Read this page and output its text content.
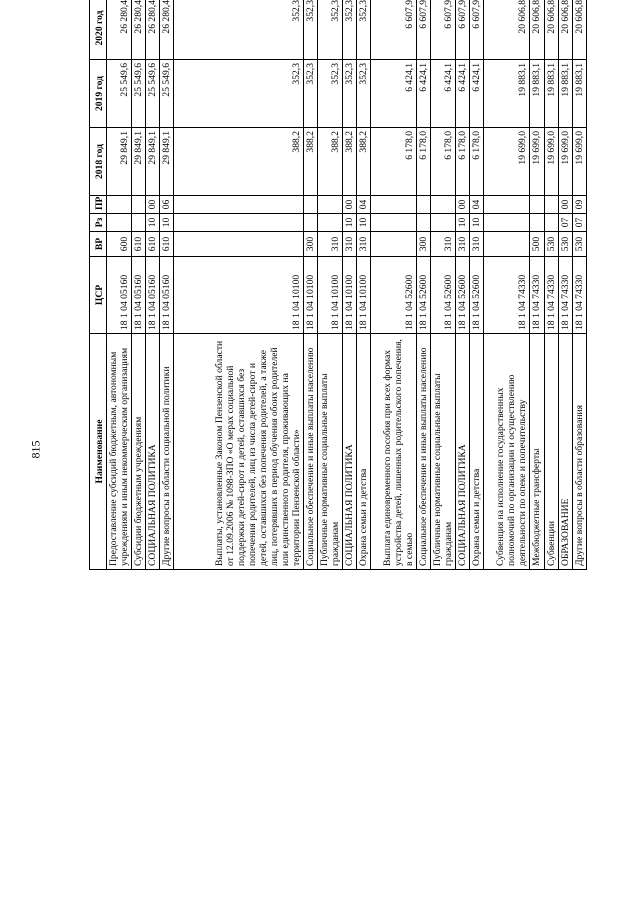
815	Наименование	ЦСР	ВР	Рз	ПР	2018 год	2019 год	2020 год
Предоставление субсидий бюджетным, автономным учреждениям и иным некоммерческим организациям	18 1 04 05160	600			29 849,1	25 549,6	26 280,4
Субсидии бюджетным учреждениям	18 1 04 05160	610			29 849,1	25 549,6	26 280,4
СОЦИАЛЬНАЯ ПОЛИТИКА	18 1 04 05160	610	10	00	29 849,1	25 549,6	26 280,4
Другие вопросы в области социальной политики	18 1 04 05160	610	10	06	29 849,1	25 549,6	26 280,4
Выплаты, установленные Законом Пензенской области от 12.09.2006 № 1098-ЗПО «О мерах социальной поддержки детей-сирот и детей, оставшихся без попечения родителей, лиц из числа детей-сирот и детей, оставшихся без попечения родителей, а также лиц, потерявших в период обучения обоих родителей или единственного родителя, проживающих на территории Пензенской области»	18 1 04 10100				388,2	352,3	352,3
Социальное обеспечение и иные выплаты населению	18 1 04 10100	300			388,2	352,3	352,3
Публичные нормативные социальные выплаты гражданам	18 1 04 10100	310			388,2	352,3	352,3
СОЦИАЛЬНАЯ ПОЛИТИКА	18 1 04 10100	310	10	00	388,2	352,3	352,3
Охрана семьи и детства	18 1 04 10100	310	10	04	388,2	352,3	352,3
Выплата единовременного пособия при всех формах устройства детей, лишенных родительского попечения, в семью	18 1 04 52600				6 178,0	6 424,1	6 607,9
Социальное обеспечение и иные выплаты населению	18 1 04 52600	300			6 178,0	6 424,1	6 607,9
Публичные нормативные социальные выплаты гражданам	18 1 04 52600	310			6 178,0	6 424,1	6 607,9
СОЦИАЛЬНАЯ ПОЛИТИКА	18 1 04 52600	310	10	00	6 178,0	6 424,1	6 607,9
Охрана семьи и детства	18 1 04 52600	310	10	04	6 178,0	6 424,1	6 607,9
Субвенция на исполнение государственных полномочий по организации и осуществлению деятельности по опеке и попечительству	18 1 04 74330				19 699,0	19 883,1	20 606,8
Межбюджетные трансферты	18 1 04 74330	500			19 699,0	19 883,1	20 606,8
Субвенции	18 1 04 74330	530			19 699,0	19 883,1	20 606,8
ОБРАЗОВАНИЕ	18 1 04 74330	530	07	00	19 699,0	19 883,1	20 606,8
Другие вопросы в области образования	18 1 04 74330	530	07	09	19 699,0	19 883,1	20 606,8
